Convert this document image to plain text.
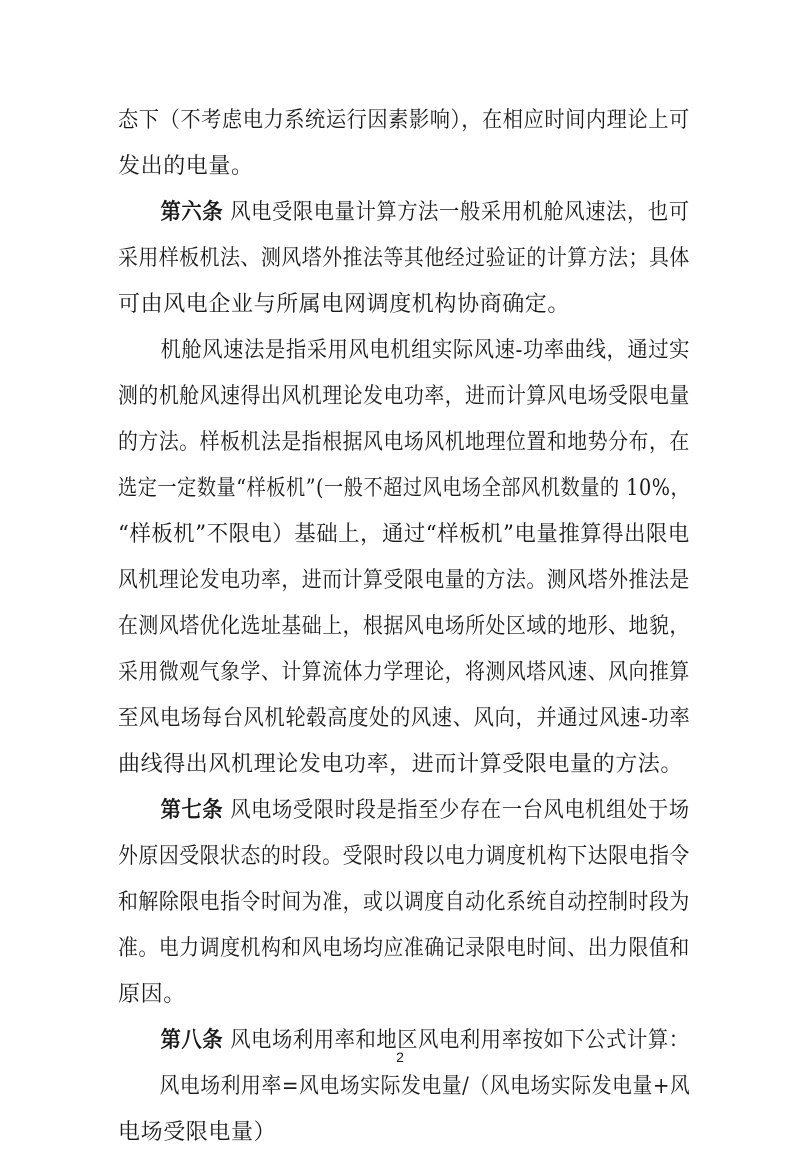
态下（不考虑电力系统运行因素影响），在相应时间内理论上可
发出的电量。
第六条 风电受限电量计算方法一般采用机舱风速法，也可
采用样板机法、测风塔外推法等其他经过验证的计算方法；具体
可由风电企业与所属电网调度机构协商确定。
机舱风速法是指采用风电机组实际风速-功率曲线，通过实
测的机舱风速得出风机理论发电功率，进而计算风电场受限电量
的方法。样板机法是指根据风电场风机地理位置和地势分布，在
选定一定数量“样板机”(一般不超过风电场全部风机数量的 10%，
“样板机”不限电）基础上，通过“样板机”电量推算得出限电
风机理论发电功率，进而计算受限电量的方法。测风塔外推法是
在测风塔优化选址基础上，根据风电场所处区域的地形、地貌，
采用微观气象学、计算流体力学理论，将测风塔风速、风向推算
至风电场每台风机轮毂高度处的风速、风向，并通过风速-功率
曲线得出风机理论发电功率，进而计算受限电量的方法。
第七条 风电场受限时段是指至少存在一台风电机组处于场
外原因受限状态的时段。受限时段以电力调度机构下达限电指令
和解除限电指令时间为准，或以调度自动化系统自动控制时段为
准。电力调度机构和风电场均应准确记录限电时间、出力限值和
原因。
第八条 风电场利用率和地区风电利用率按如下公式计算：
风电场利用率=风电场实际发电量/（风电场实际发电量+风
电场受限电量）
2
